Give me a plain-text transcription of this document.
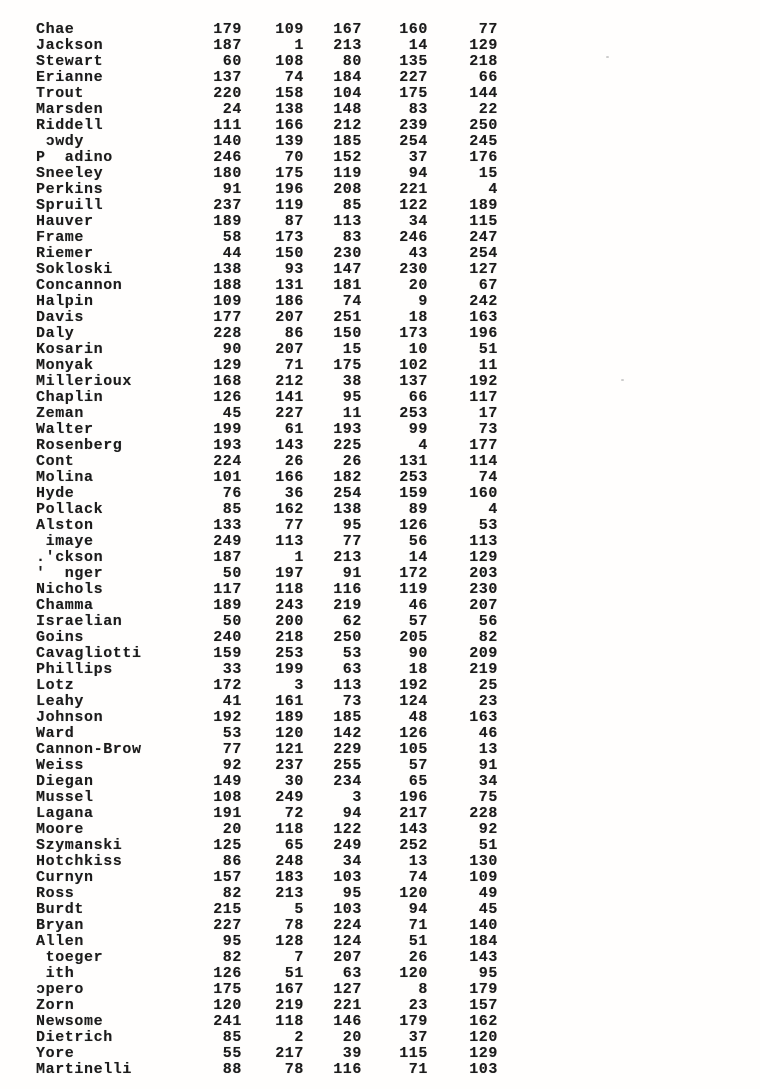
Chae	179	109	167	160	77
Jackson	187	1	213	14	129
Stewart	60	108	80	135	218
Erianne	137	74	184	227	66
Trout	220	158	104	175	144
Marsden	24	138	148	83	22
Riddell	111	166	212	239	250
ɔwdy	140	139	185	254	245
P  adino	246	70	152	37	176
Sneeley	180	175	119	94	15
Perkins	91	196	208	221	4
Spruill	237	119	85	122	189
Hauver	189	87	113	34	115
Frame	58	173	83	246	247
Riemer	44	150	230	43	254
Sokloski	138	93	147	230	127
Concannon	188	131	181	20	67
Halpin	109	186	74	9	242
Davis	177	207	251	18	163
Daly	228	86	150	173	196
Kosarin	90	207	15	10	51
Monyak	129	71	175	102	11
Millerioux	168	212	38	137	192
Chaplin	126	141	95	66	117
Zeman	45	227	11	253	17
Walter	199	61	193	99	73
Rosenberg	193	143	225	4	177
Cont	224	26	26	131	114
Molina	101	166	182	253	74
Hyde	76	36	254	159	160
Pollack	85	162	138	89	4
Alston	133	77	95	126	53
imaye	249	113	77	56	113
.'ckson	187	1	213	14	129
'  nger	50	197	91	172	203
Nichols	117	118	116	119	230
Chamma	189	243	219	46	207
Israelian	50	200	62	57	56
Goins	240	218	250	205	82
Cavagliotti	159	253	53	90	209
Phillips	33	199	63	18	219
Lotz	172	3	113	192	25
Leahy	41	161	73	124	23
Johnson	192	189	185	48	163
Ward	53	120	142	126	46
Cannon-Brow	77	121	229	105	13
Weiss	92	237	255	57	91
Diegan	149	30	234	65	34
Mussel	108	249	3	196	75
Lagana	191	72	94	217	228
Moore	20	118	122	143	92
Szymanski	125	65	249	252	51
Hotchkiss	86	248	34	13	130
Curnyn	157	183	103	74	109
Ross	82	213	95	120	49
Burdt	215	5	103	94	45
Bryan	227	78	224	71	140
Allen	95	128	124	51	184
toeger	82	7	207	26	143
ith	126	51	63	120	95
ɔpero	175	167	127	8	179
Zorn	120	219	221	23	157
Newsome	241	118	146	179	162
Dietrich	85	2	20	37	120
Yore	55	217	39	115	129
Martinelli	88	78	116	71	103
